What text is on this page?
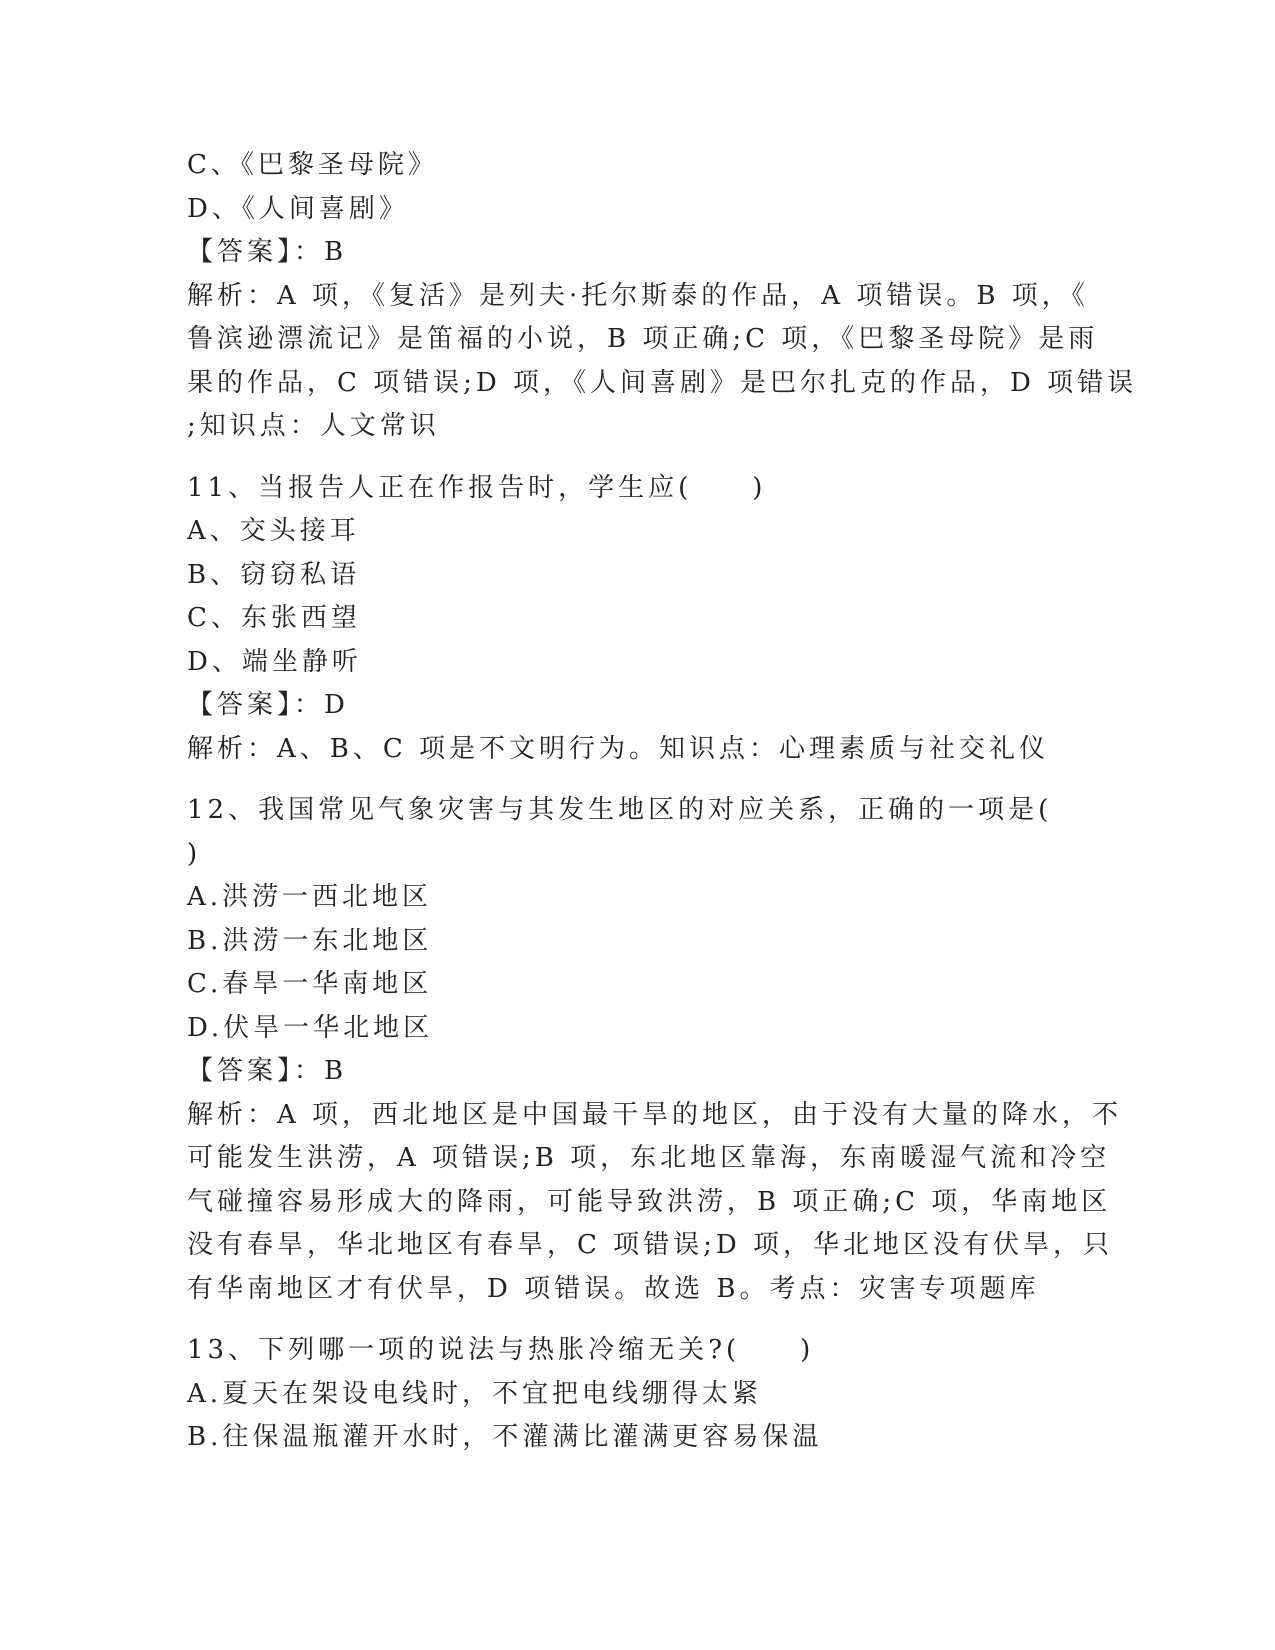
C、《巴黎圣母院》
D、《人间喜剧》
【答案】：B
解析：A 项，《复活》是列夫·托尔斯泰的作品，A 项错误。B 项，《
鲁滨逊漂流记》是笛福的小说，B 项正确;C 项，《巴黎圣母院》是雨
果的作品，C 项错误;D 项，《人间喜剧》是巴尔扎克的作品，D 项错误
;知识点：人文常识
11、当报告人正在作报告时，学生应(　　)
A、交头接耳
B、窃窃私语
C、东张西望
D、端坐静听
【答案】：D
解析：A、B、C 项是不文明行为。知识点：心理素质与社交礼仪
12、我国常见气象灾害与其发生地区的对应关系，正确的一项是(
)
A.洪涝一西北地区
B.洪涝一东北地区
C.春旱一华南地区
D.伏旱一华北地区
【答案】：B
解析：A 项，西北地区是中国最干旱的地区，由于没有大量的降水，不
可能发生洪涝，A 项错误;B 项，东北地区靠海，东南暖湿气流和冷空
气碰撞容易形成大的降雨，可能导致洪涝，B 项正确;C 项，华南地区
没有春旱，华北地区有春旱，C 项错误;D 项，华北地区没有伏旱，只
有华南地区才有伏旱，D 项错误。故选 B。考点：灾害专项题库
13、下列哪一项的说法与热胀冷缩无关?(　　)
A.夏天在架设电线时，不宜把电线绷得太紧
B.往保温瓶灌开水时，不灌满比灌满更容易保温
